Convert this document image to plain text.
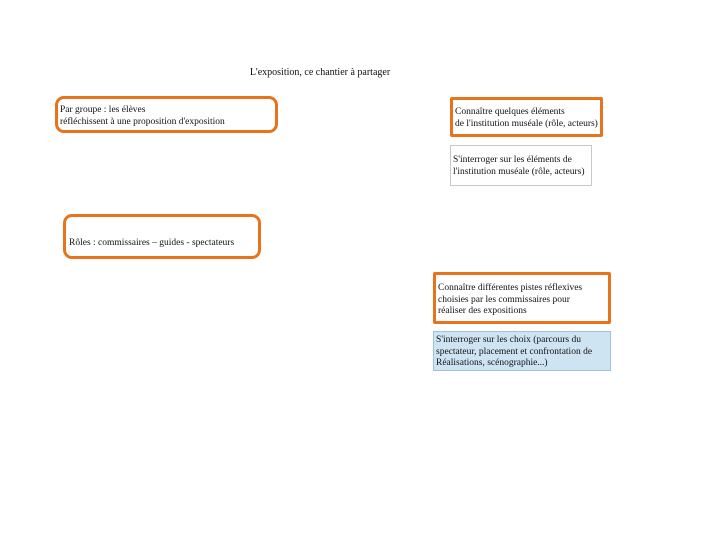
L'exposition, ce chantier à partager

Par groupe : les élèves
réfléchissent à une proposition d'exposition

Rôles : commissaires – guides - spectateurs

Connaître quelques éléments
de l'institution muséale (rôle, acteurs)

S'interroger sur les éléments de
l'institution muséale (rôle, acteurs)

Connaître différentes pistes réflexives
choisies par les commissaires pour
réaliser des expositions

S'interroger sur les choix (parcours du
spectateur, placement et confrontation de
Réalisations, scénographie...)
